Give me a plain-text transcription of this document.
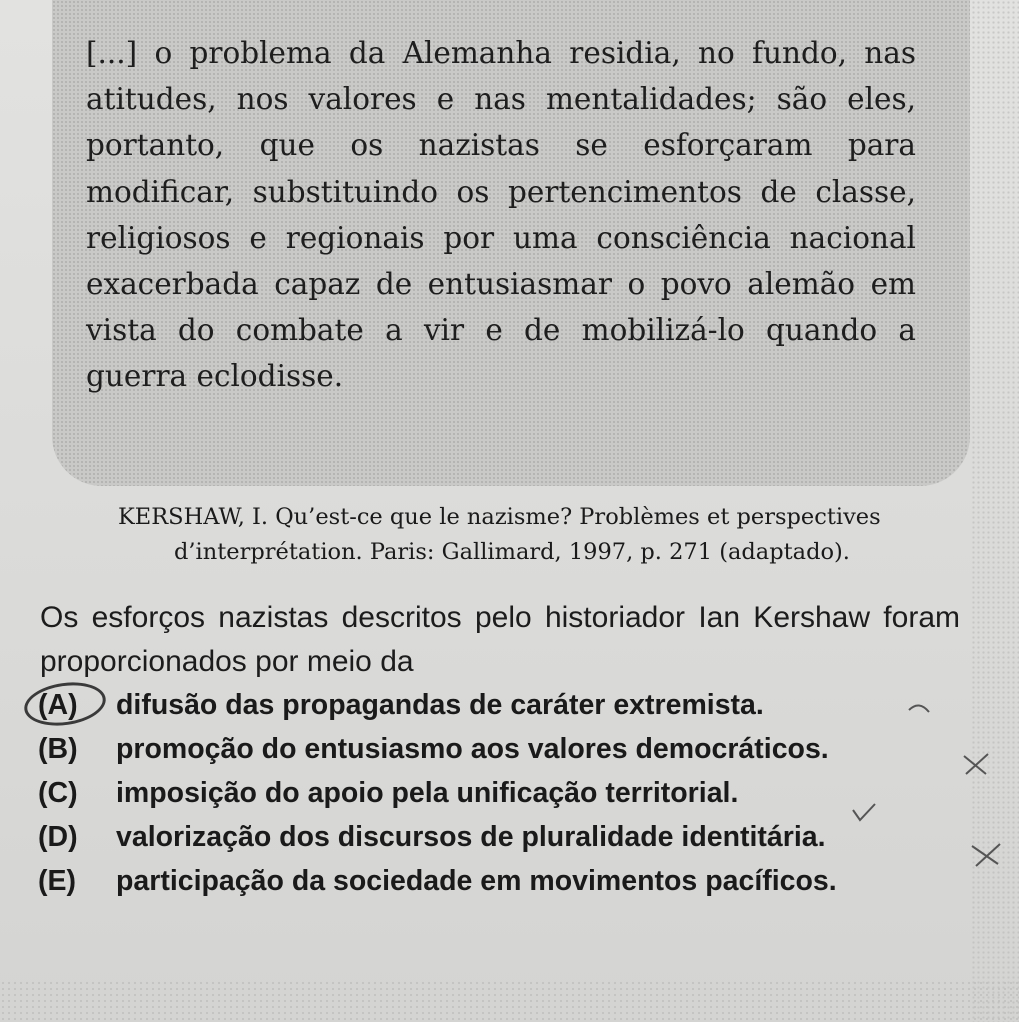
[...] o problema da Alemanha residia, no fundo, nas atitudes, nos valores e nas mentalidades; são eles, portanto, que os nazistas se esforçaram para modificar, substituindo os pertencimentos de classe, religiosos e regionais por uma consciência nacional exacerbada capaz de entusiasmar o povo alemão em vista do combate a vir e de mobilizá-lo quando a guerra eclodisse.

KERSHAW, I. Qu’est-ce que le nazisme? Problèmes et perspectives
d’interprétation. Paris: Gallimard, 1997, p. 271 (adaptado).
Os esforços nazistas descritos pelo historiador Ian Kershaw foram proporcionados por meio da
(A)	difusão das propagandas de caráter extremista.
(B)	promoção do entusiasmo aos valores democráticos.
(C)	imposição do apoio pela unificação territorial.
(D)	valorização dos discursos de pluralidade identitária.
(E)	participação da sociedade em movimentos pacíficos.
